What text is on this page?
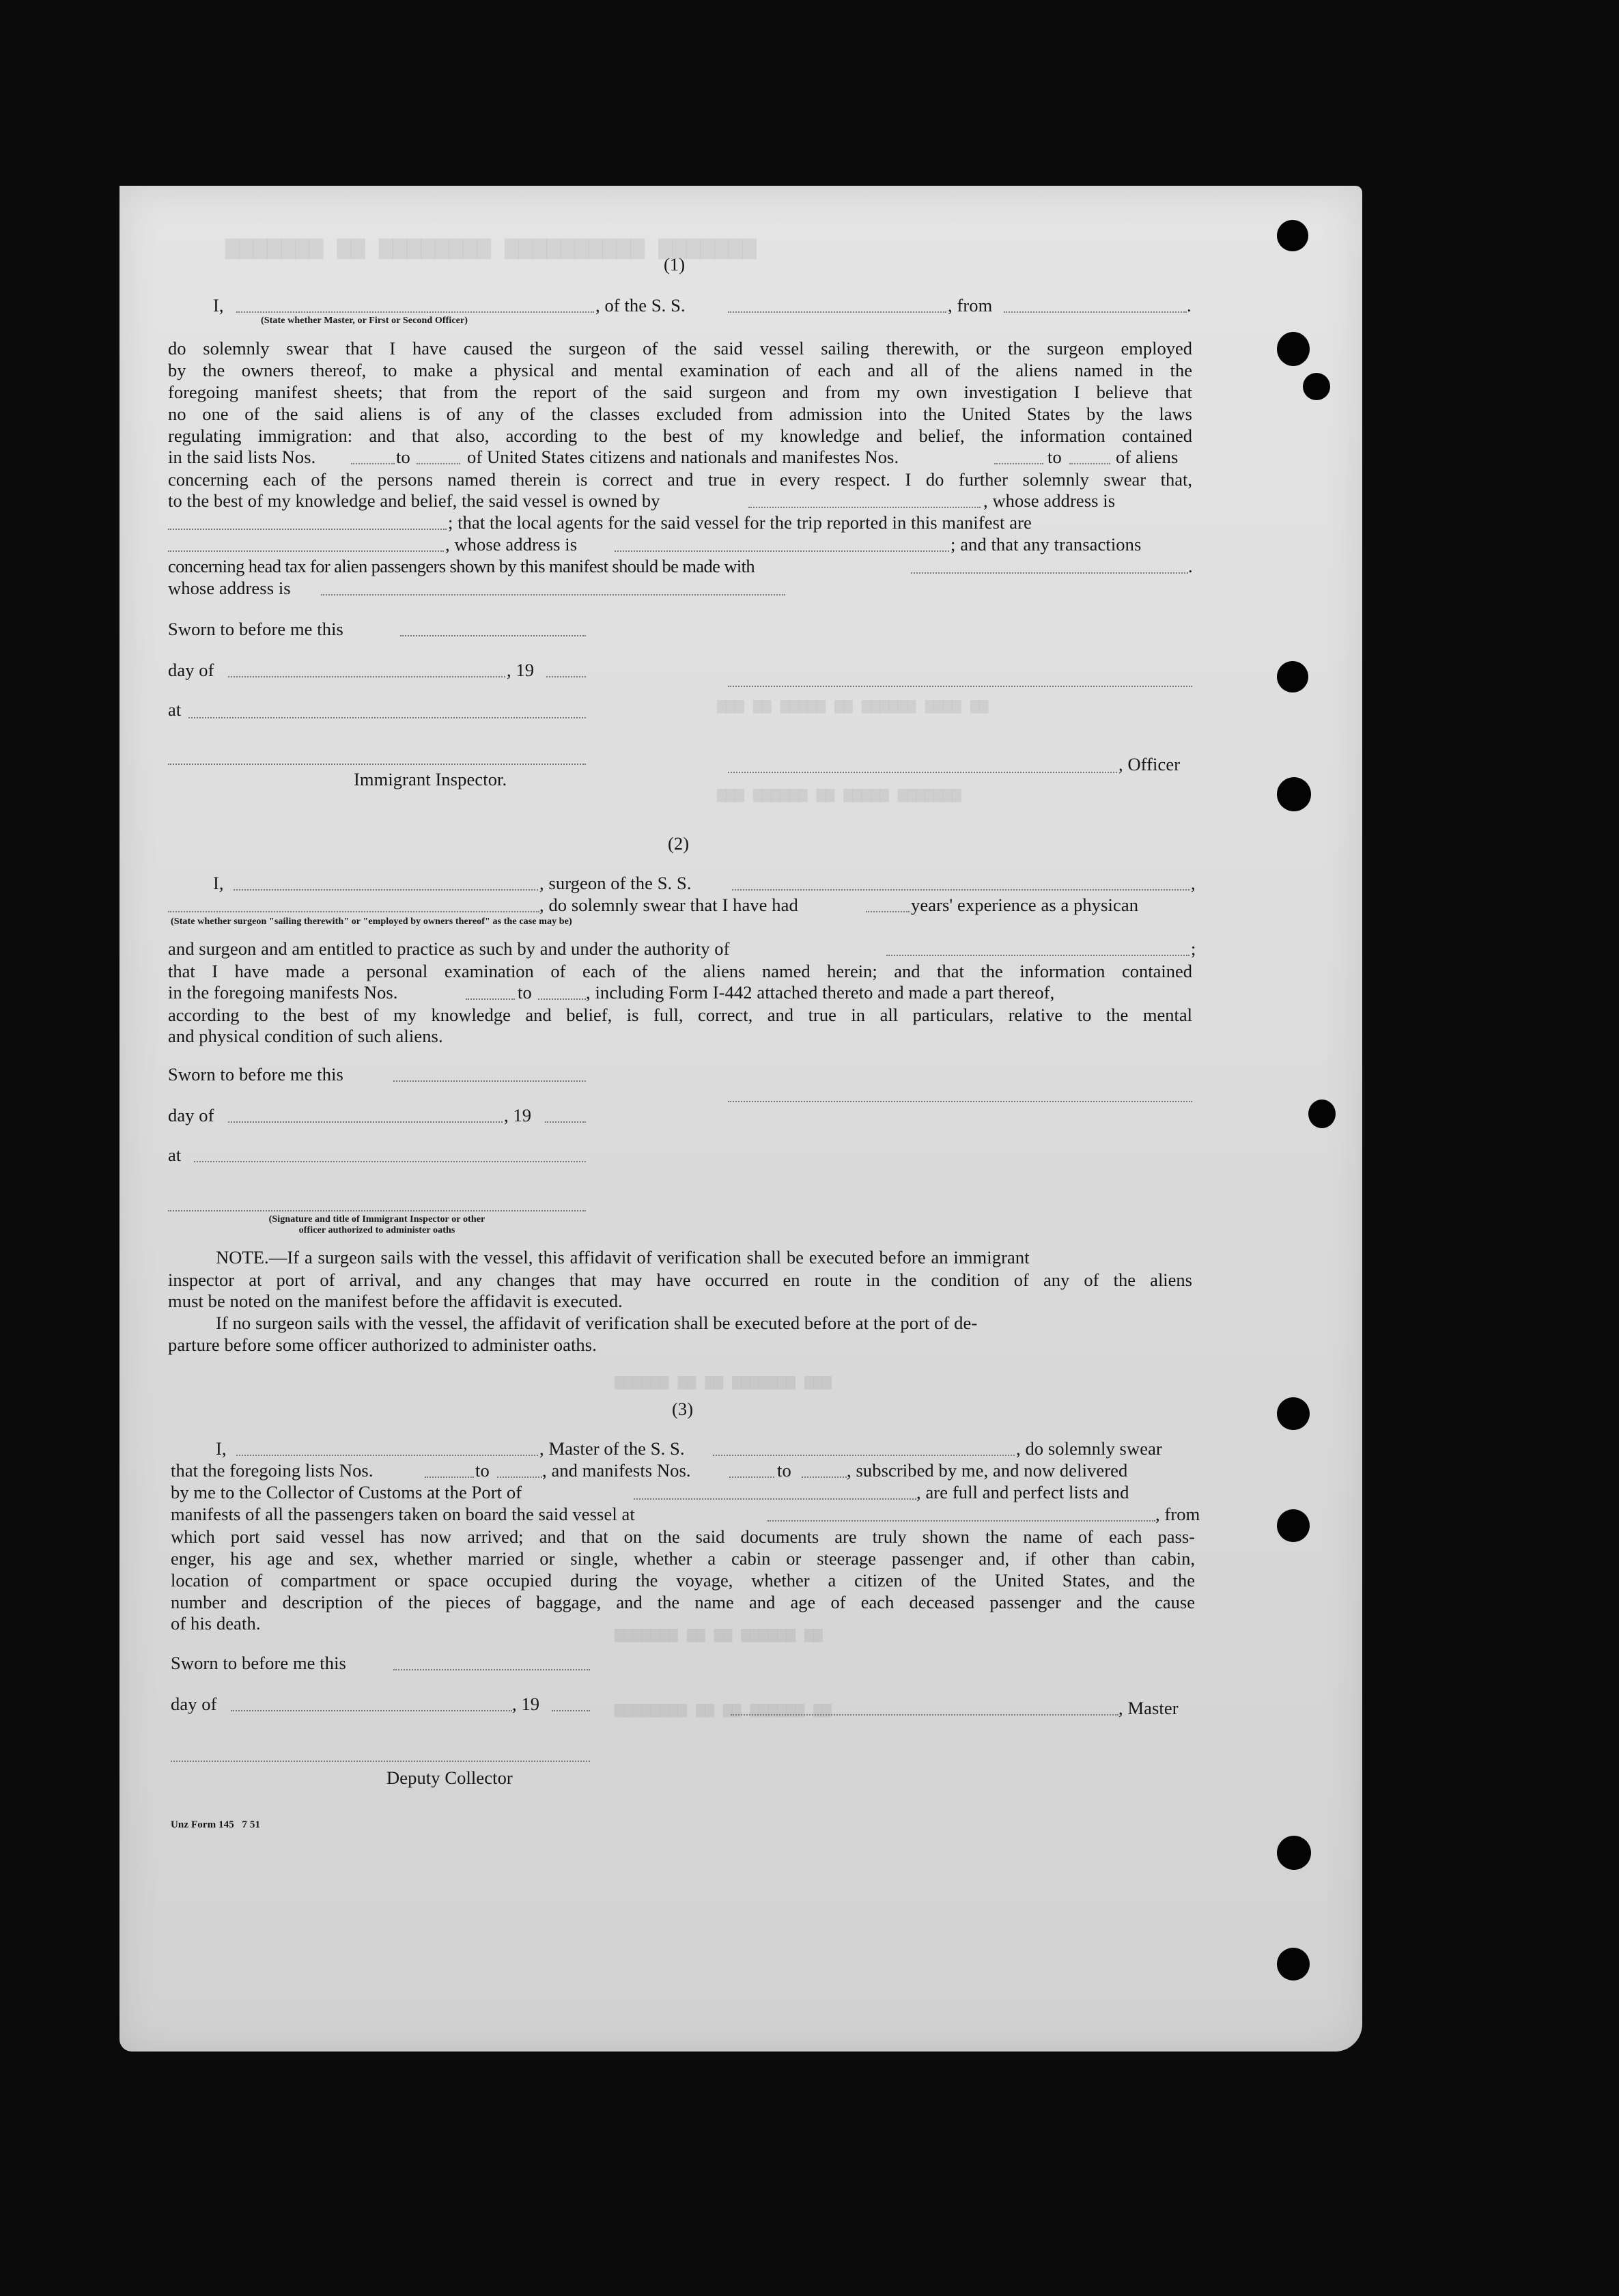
▆▆▆▆▆▆▆ ▆▆ ▆▆▆▆▆▆▆▆ ▆▆▆▆▆▆▆▆▆▆ ▆▆▆▆▆▆▆
▆▆▆ ▆▆ ▆▆▆▆▆ ▆▆ ▆▆▆▆▆▆ ▆▆▆▆ ▆▆
▆▆▆ ▆▆▆▆▆▆ ▆▆ ▆▆▆▆▆ ▆▆▆▆▆▆▆
▆▆▆▆▆▆ ▆▆ ▆▆ ▆▆▆▆▆▆▆ ▆▆▆
▆▆▆▆▆▆▆ ▆▆ ▆▆ ▆▆▆▆▆▆ ▆▆
▆▆▆▆▆▆▆▆ ▆▆ ▆▆ ▆▆▆▆▆▆ ▆▆
(1)
I,	, of the S. S.	, from	.
(State whether Master, or First or Second Officer)
do solemnly swear that I have caused the surgeon of the said vessel sailing therewith, or the surgeon employed
by the owners thereof, to make a physical and mental examination of each and all of the aliens named in the
foregoing manifest sheets; that from the report of the said surgeon and from my own investigation I believe that
no one of the said aliens is of any of the classes excluded from admission into the United States by the laws
regulating immigration: and that also, according to the best of my knowledge and belief, the information contained
in the said lists Nos.	to	of United States citizens and nationals and manifestes Nos.	to	of aliens
concerning each of the persons named therein is correct and true in every respect. I do further solemnly swear that,
to the best of my knowledge and belief, the said vessel is owned by	, whose address is
; that the local agents for the said vessel for the trip reported in this manifest are
, whose address is	; and that any transactions
concerning head tax for alien passengers shown by this manifest should be made with	.
whose address is
Sworn to before me this
day of	, 19
at
, Officer
Immigrant Inspector.
(2)
I,	, surgeon of the S. S.	,
, do solemnly swear that I have had	years' experience as a physican
(State whether surgeon "sailing therewith" or "employed by owners thereof" as the case may be)
and surgeon and am entitled to practice as such by and under the authority of	;
that I have made a personal examination of each of the aliens named herein; and that the information contained
in the foregoing manifests Nos.	to	, including Form I-442 attached thereto and made a part thereof,
according to the best of my knowledge and belief, is full, correct, and true in all particulars, relative to the mental
and physical condition of such aliens.
Sworn to before me this
day of	, 19
at
(Signature and title of Immigrant Inspector or other
officer authorized to administer oaths
NOTE.—If a surgeon sails with the vessel, this affidavit of verification shall be executed before an immigrant
inspector at port of arrival, and any changes that may have occurred en route in the condition of any of the aliens
must be noted on the manifest before the affidavit is executed.
If no surgeon sails with the vessel, the affidavit of verification shall be executed before at the port of de-
parture before some officer authorized to administer oaths.
(3)
I,	, Master of the S. S.	, do solemnly swear
that the foregoing lists Nos.	to	, and manifests Nos.	to	, subscribed by me, and now delivered
by me to the Collector of Customs at the Port of	, are full and perfect lists and
manifests of all the passengers taken on board the said vessel at	, from
which port said vessel has now arrived; and that on the said documents are truly shown the name of each pass-
enger, his age and sex, whether married or single, whether a cabin or steerage passenger and, if other than cabin,
location of compartment or space occupied during the voyage, whether a citizen of the United States, and the
number and description of the pieces of baggage, and the name and age of each deceased passenger and the cause
of his death.
Sworn to before me this
day of	, 19	, Master
Deputy Collector
Unz Form 145   7 51
